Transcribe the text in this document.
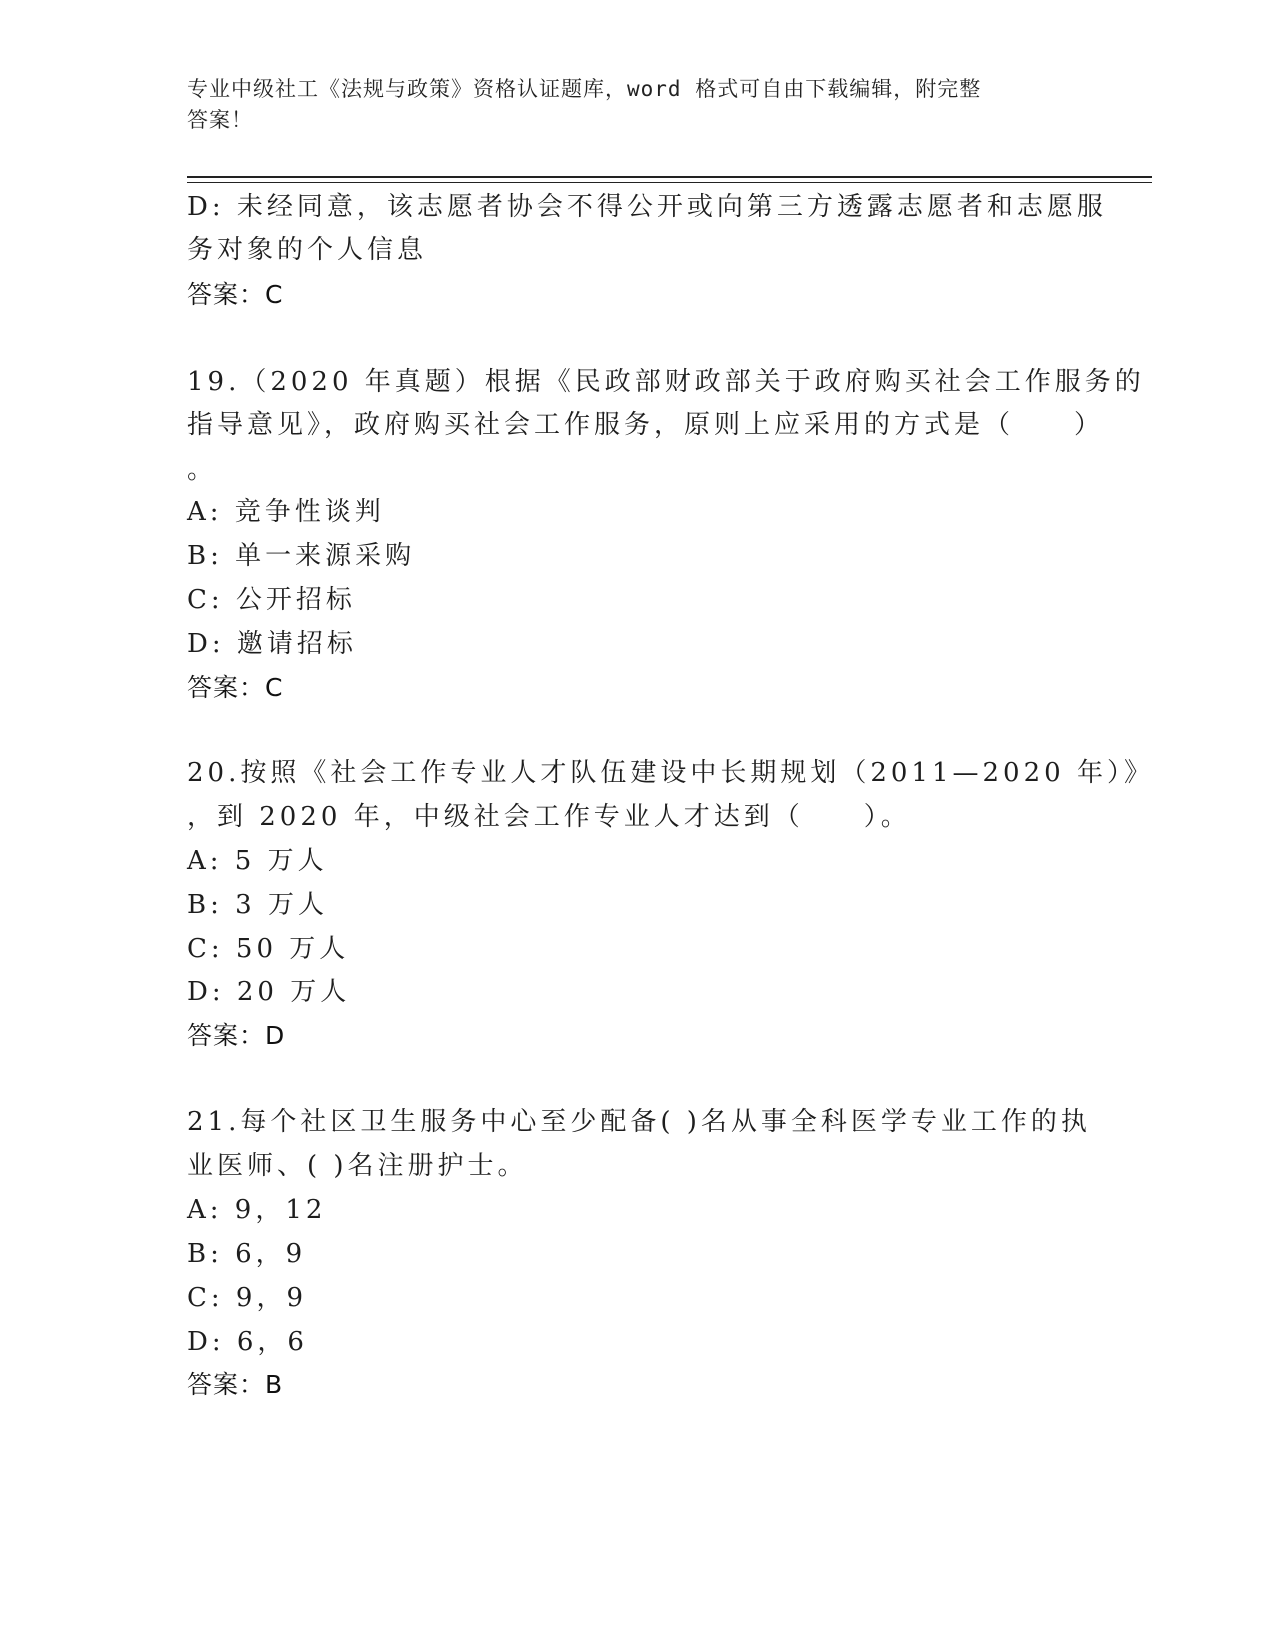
专业中级社工《法规与政策》资格认证题库，word 格式可自由下载编辑，附完整
答案！
D: 未经同意，该志愿者协会不得公开或向第三方透露志愿者和志愿服
务对象的个人信息
答案：C
19.（2020 年真题）根据《民政部财政部关于政府购买社会工作服务的
指导意见》，政府购买社会工作服务，原则上应采用的方式是（　　）
。
A: 竞争性谈判
B: 单一来源采购
C: 公开招标
D: 邀请招标
答案：C
20.按照《社会工作专业人才队伍建设中长期规划（2011—2020 年）》
，到 2020 年，中级社会工作专业人才达到（　　）。
A: 5 万人
B: 3 万人
C: 50 万人
D: 20 万人
答案：D
21.每个社区卫生服务中心至少配备( )名从事全科医学专业工作的执
业医师、( )名注册护士。
A: 9，12
B: 6，9
C: 9，9
D: 6，6
答案：B
